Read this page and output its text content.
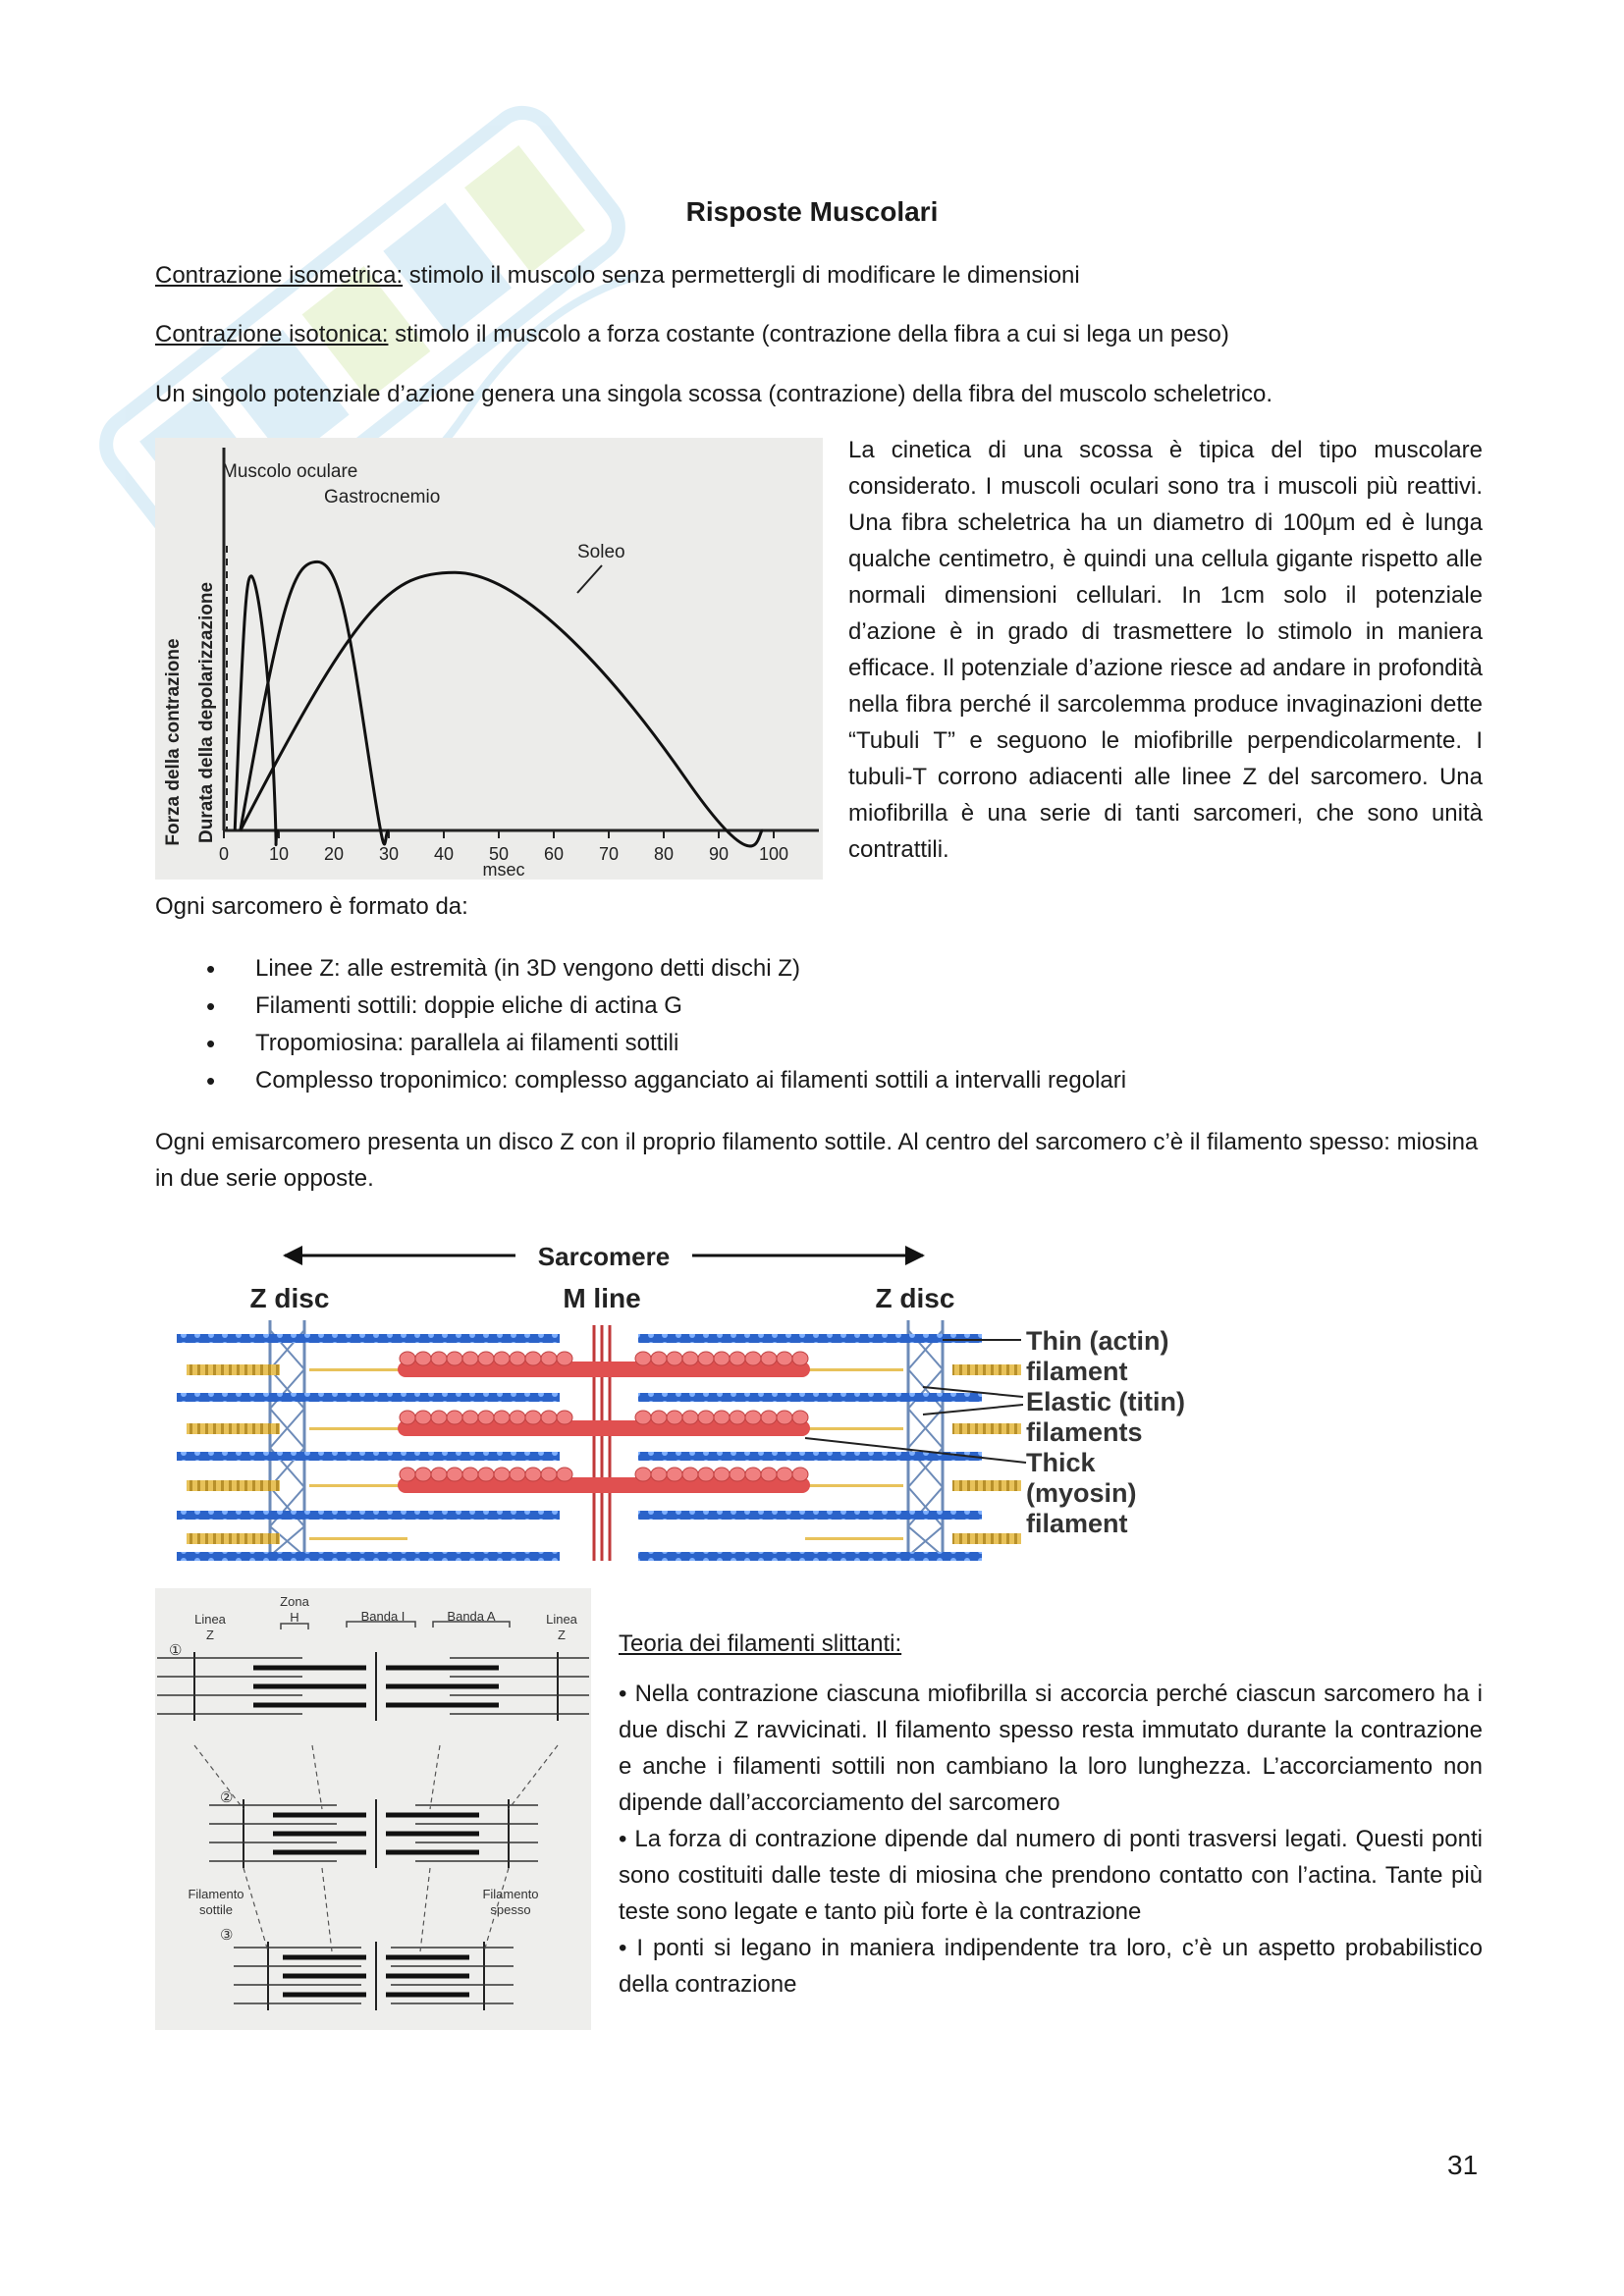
Risposte Muscolari
Contrazione isometrica: stimolo il muscolo senza permettergli di modificare le dimensioni
Contrazione isotonica: stimolo il muscolo a forza costante (contrazione della fibra a cui si lega un peso)
Un singolo potenziale d’azione genera una singola scossa (contrazione) della fibra del muscolo scheletrico.
Forza della contrazione Durata della depolarizzazione
0 10 20 30 40 50 60 70 80 90 100
msec
Muscolo oculare
Gastrocnemio
Soleo
La cinetica di una scossa è tipica del tipo muscolare considerato. I muscoli oculari sono tra i muscoli più reattivi. Una fibra scheletrica ha un diametro di 100µm ed è lunga qualche centimetro, è quindi una cellula gigante rispetto alle normali dimensioni cellulari. In 1cm solo il potenziale d’azione è in grado di trasmettere lo stimolo in maniera efficace. Il potenziale d’azione riesce ad andare in profondità nella fibra perché il sarcolemma produce invaginazioni dette “Tubuli T” e seguono le miofibrille perpendicolarmente. I tubuli-T corrono adiacenti alle linee Z del sarcomero. Una miofibrilla è una serie di tanti sarcomeri, che sono unità contrattili.
Ogni sarcomero è formato da:
• Linee Z: alle estremità (in 3D vengono detti dischi Z)
• Filamenti sottili: doppie eliche di actina G
• Tropomiosina: parallela ai filamenti sottili
• Complesso troponimico: complesso agganciato ai filamenti sottili a intervalli regolari
Ogni emisarcomero presenta un disco Z con il proprio filamento sottile. Al centro del sarcomero c’è il filamento spesso: miosina in due serie opposte.
Sarcomere
Z disc	M line	Z disc
Thin (actin)
filament
Elastic (titin)
filaments
Thick
(myosin)
filament
Linea
Z
Zona
H	Banda I	Banda A	Linea
Z
①
②
③
Filamento
sottile
Filamento
spesso
Teoria dei filamenti slittanti:
• Nella contrazione ciascuna miofibrilla si accorcia perché ciascun sarcomero ha i due dischi Z ravvicinati. Il filamento spesso resta immutato durante la contrazione e anche i filamenti sottili non cambiano la loro lunghezza. L’accorciamento non dipende dall’accorciamento del sarcomero
• La forza di contrazione dipende dal numero di ponti trasversi legati. Questi ponti sono costituiti dalle teste di miosina che prendono contatto con l’actina. Tante più teste sono legate e tanto più forte è la contrazione
• I ponti si legano in maniera indipendente tra loro, c’è un aspetto probabilistico della contrazione
31
